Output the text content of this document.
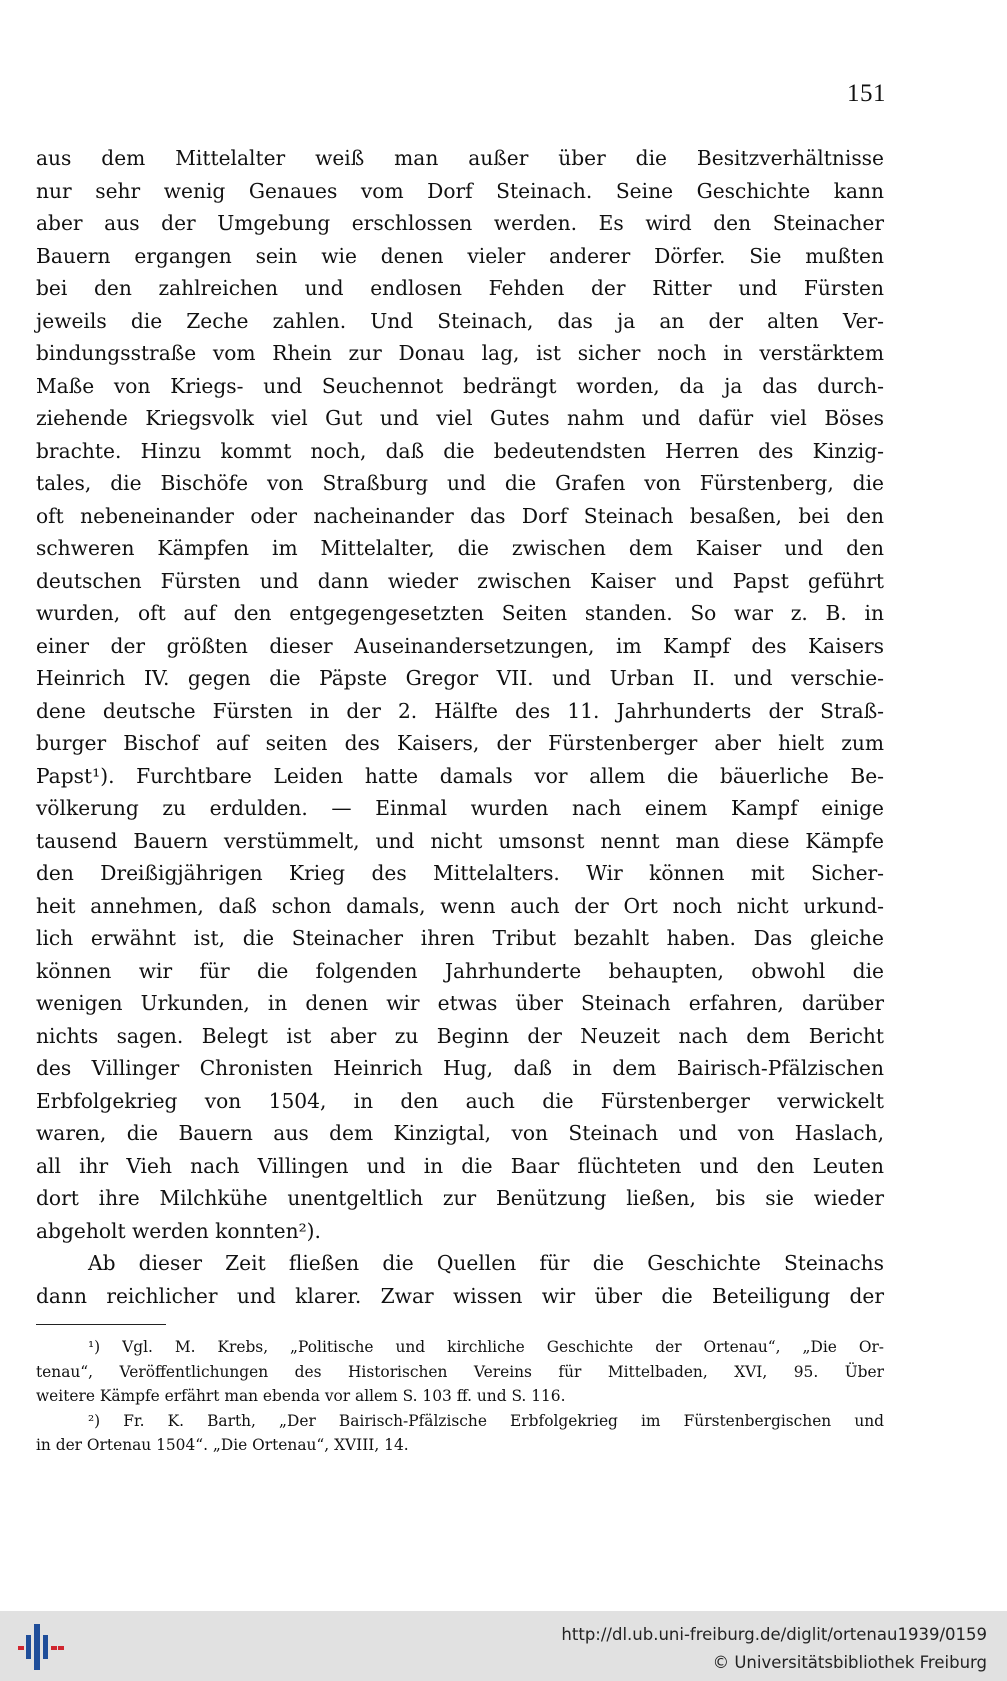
151
aus dem Mittelalter weiß man außer über die Besitzverhältnisse
nur sehr wenig Genaues vom Dorf Steinach. Seine Geschichte kann
aber aus der Umgebung erschlossen werden. Es wird den Steinacher
Bauern ergangen sein wie denen vieler anderer Dörfer. Sie mußten
bei den zahlreichen und endlosen Fehden der Ritter und Fürsten
jeweils die Zeche zahlen. Und Steinach, das ja an der alten Ver-
bindungsstraße vom Rhein zur Donau lag, ist sicher noch in verstärktem
Maße von Kriegs- und Seuchennot bedrängt worden, da ja das durch-
ziehende Kriegsvolk viel Gut und viel Gutes nahm und dafür viel Böses
brachte. Hinzu kommt noch, daß die bedeutendsten Herren des Kinzig-
tales, die Bischöfe von Straßburg und die Grafen von Fürstenberg, die
oft nebeneinander oder nacheinander das Dorf Steinach besaßen, bei den
schweren Kämpfen im Mittelalter, die zwischen dem Kaiser und den
deutschen Fürsten und dann wieder zwischen Kaiser und Papst geführt
wurden, oft auf den entgegengesetzten Seiten standen. So war z. B. in
einer der größten dieser Auseinandersetzungen, im Kampf des Kaisers
Heinrich IV. gegen die Päpste Gregor VII. und Urban II. und verschie-
dene deutsche Fürsten in der 2. Hälfte des 11. Jahrhunderts der Straß-
burger Bischof auf seiten des Kaisers, der Fürstenberger aber hielt zum
Papst¹). Furchtbare Leiden hatte damals vor allem die bäuerliche Be-
völkerung zu erdulden. — Einmal wurden nach einem Kampf einige
tausend Bauern verstümmelt, und nicht umsonst nennt man diese Kämpfe
den Dreißigjährigen Krieg des Mittelalters. Wir können mit Sicher-
heit annehmen, daß schon damals, wenn auch der Ort noch nicht urkund-
lich erwähnt ist, die Steinacher ihren Tribut bezahlt haben. Das gleiche
können wir für die folgenden Jahrhunderte behaupten, obwohl die
wenigen Urkunden, in denen wir etwas über Steinach erfahren, darüber
nichts sagen. Belegt ist aber zu Beginn der Neuzeit nach dem Bericht
des Villinger Chronisten Heinrich Hug, daß in dem Bairisch-Pfälzischen
Erbfolgekrieg von 1504, in den auch die Fürstenberger verwickelt
waren, die Bauern aus dem Kinzigtal, von Steinach und von Haslach,
all ihr Vieh nach Villingen und in die Baar flüchteten und den Leuten
dort ihre Milchkühe unentgeltlich zur Benützung ließen, bis sie wieder
abgeholt werden konnten²).
Ab dieser Zeit fließen die Quellen für die Geschichte Steinachs
dann reichlicher und klarer. Zwar wissen wir über die Beteiligung der
¹) Vgl. M. Krebs, „Politische und kirchliche Geschichte der Ortenau“, „Die Or-
tenau“, Veröffentlichungen des Historischen Vereins für Mittelbaden, XVI, 95. Über
weitere Kämpfe erfährt man ebenda vor allem S. 103 ff. und S. 116.
²) Fr. K. Barth, „Der Bairisch-Pfälzische Erbfolgekrieg im Fürstenbergischen und
in der Ortenau 1504“. „Die Ortenau“, XVIII, 14.
http://dl.ub.uni-freiburg.de/diglit/ortenau1939/0159
© Universitätsbibliothek Freiburg
